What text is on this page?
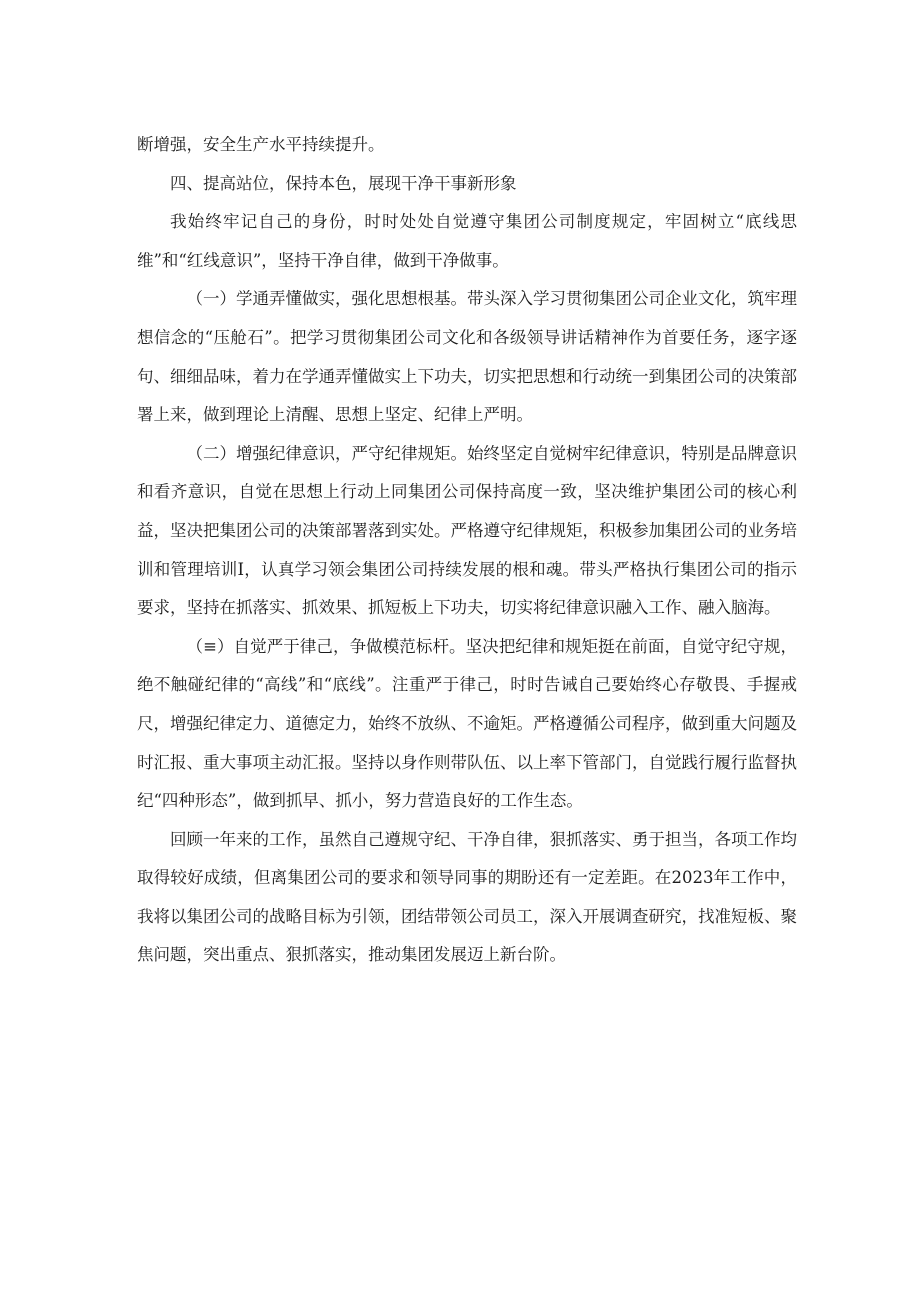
断增强，安全生产水平持续提升。

四、提高站位，保持本色，展现干净干事新形象

我始终牢记自己的身份，时时处处自觉遵守集团公司制度规定，牢固树立“底线思维”和“红线意识”，坚持干净自律，做到干净做事。

（一）学通弄懂做实，强化思想根基。带头深入学习贯彻集团公司企业文化，筑牢理想信念的“压舱石”。把学习贯彻集团公司文化和各级领导讲话精神作为首要任务，逐字逐句、细细品味，着力在学通弄懂做实上下功夫，切实把思想和行动统一到集团公司的决策部署上来，做到理论上清醒、思想上坚定、纪律上严明。

（二）增强纪律意识，严守纪律规矩。始终坚定自觉树牢纪律意识，特别是品牌意识和看齐意识，自觉在思想上行动上同集团公司保持高度一致，坚决维护集团公司的核心利益，坚决把集团公司的决策部署落到实处。严格遵守纪律规矩，积极参加集团公司的业务培训和管理培训Ⅰ，认真学习领会集团公司持续发展的根和魂。带头严格执行集团公司的指示要求，坚持在抓落实、抓效果、抓短板上下功夫，切实将纪律意识融入工作、融入脑海。

（≡）自觉严于律己，争做模范标杆。坚决把纪律和规矩挺在前面，自觉守纪守规，绝不触碰纪律的“高线”和“底线”。注重严于律己，时时告诫自己要始终心存敬畏、手握戒尺，增强纪律定力、道德定力，始终不放纵、不逾矩。严格遵循公司程序，做到重大问题及时汇报、重大事项主动汇报。坚持以身作则带队伍、以上率下管部门，自觉践行履行监督执纪“四种形态”，做到抓早、抓小，努力营造良好的工作生态。

回顾一年来的工作，虽然自己遵规守纪、干净自律，狠抓落实、勇于担当，各项工作均取得较好成绩，但离集团公司的要求和领导同事的期盼还有一定差距。在2023年工作中，我将以集团公司的战略目标为引领，团结带领公司员工，深入开展调查研究，找准短板、聚焦问题，突出重点、狠抓落实，推动集团发展迈上新台阶。
